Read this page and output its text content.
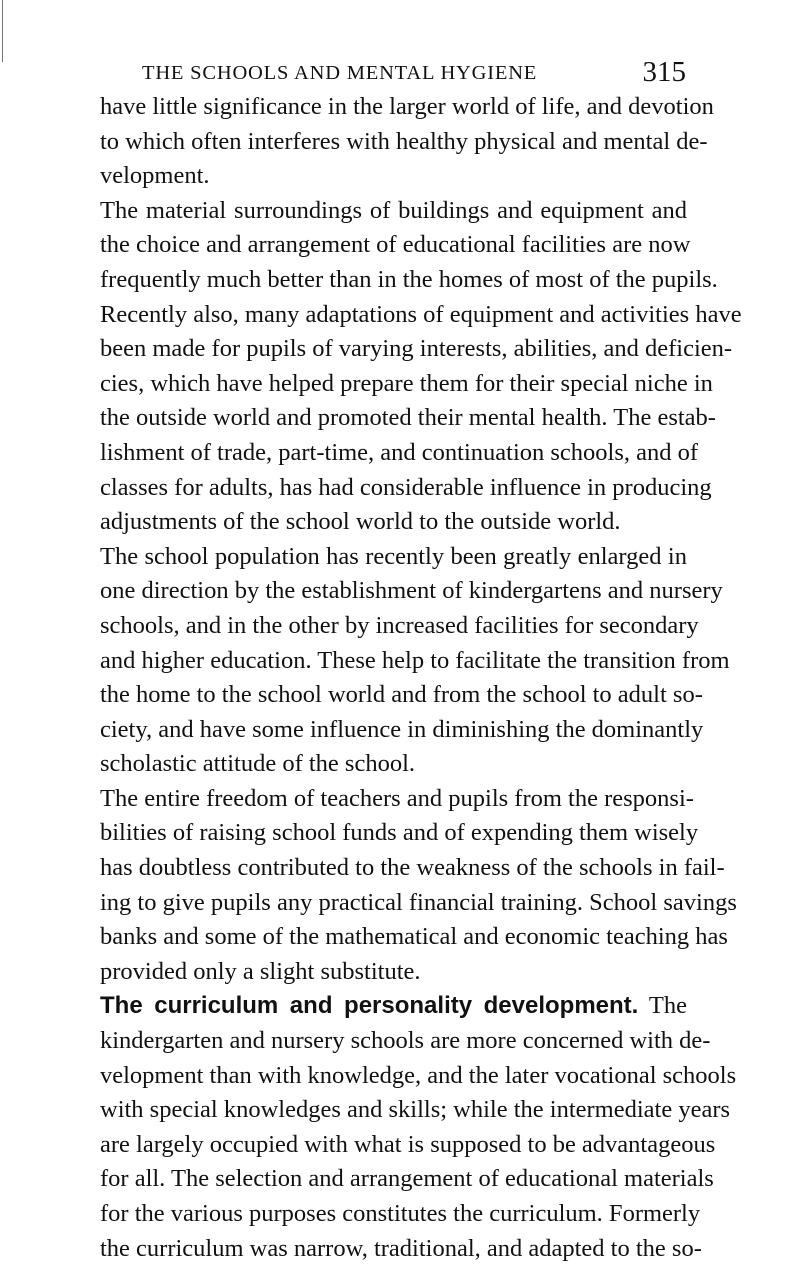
THE SCHOOLS AND MENTAL HYGIENE	315
have little significance in the larger world of life, and devotion
to which often interferes with healthy physical and mental de-
velopment.
The material surroundings of buildings and equipment and
the choice and arrangement of educational facilities are now
frequently much better than in the homes of most of the pupils.
Recently also, many adaptations of equipment and activities have
been made for pupils of varying interests, abilities, and deficien-
cies, which have helped prepare them for their special niche in
the outside world and promoted their mental health. The estab-
lishment of trade, part-time, and continuation schools, and of
classes for adults, has had considerable influence in producing
adjustments of the school world to the outside world.
The school population has recently been greatly enlarged in
one direction by the establishment of kindergartens and nursery
schools, and in the other by increased facilities for secondary
and higher education. These help to facilitate the transition from
the home to the school world and from the school to adult so-
ciety, and have some influence in diminishing the dominantly
scholastic attitude of the school.
The entire freedom of teachers and pupils from the responsi-
bilities of raising school funds and of expending them wisely
has doubtless contributed to the weakness of the schools in fail-
ing to give pupils any practical financial training. School savings
banks and some of the mathematical and economic teaching has
provided only a slight substitute.
The curriculum and personality development. The
kindergarten and nursery schools are more concerned with de-
velopment than with knowledge, and the later vocational schools
with special knowledges and skills; while the intermediate years
are largely occupied with what is supposed to be advantageous
for all. The selection and arrangement of educational materials
for the various purposes constitutes the curriculum. Formerly
the curriculum was narrow, traditional, and adapted to the so-
